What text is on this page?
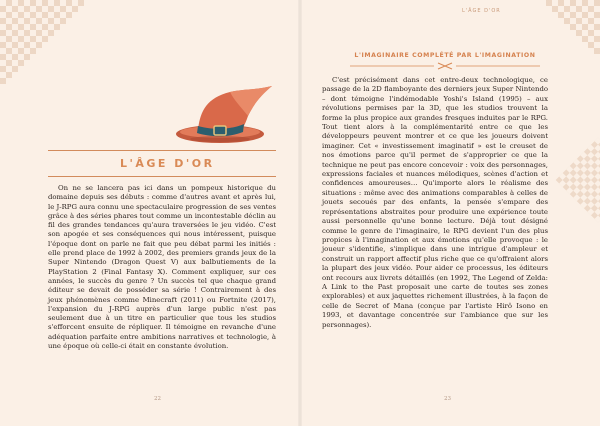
L'ÂGE D'OR

On ne se lancera pas ici dans un pompeux historique du domaine depuis ses débuts : comme d'autres avant et après lui, le J-RPG aura connu une spectaculaire progression de ses ventes grâce à des séries phares tout comme un incontestable déclin au fil des grandes tendances qu'aura traversées le jeu vidéo. C'est son apogée et ses conséquences qui nous intéressent, puisque l'époque dont on parle ne fait que peu débat parmi les initiés : elle prend place de 1992 à 2002, des premiers grands jeux de la Super Nintendo (Dragon Quest V) aux balbutiements de la PlayStation 2 (Final Fantasy X). Comment expliquer, sur ces années, le succès du genre ? Un succès tel que chaque grand éditeur se devait de posséder sa série ! Contrairement à des jeux phénomènes comme Minecraft (2011) ou Fortnite (2017), l'expansion du J-RPG auprès d'un large public n'est pas seulement due à un titre en particulier que tous les studios s'efforcent ensuite de répliquer. Il témoigne en revanche d'une adéquation parfaite entre ambitions narratives et technologie, à une époque où celle-ci était en constante évolution.

22
L'ÂGE D'OR
L'IMAGINAIRE COMPLÉTÉ PAR L'IMAGINATION

C'est précisément dans cet entre-deux technologique, ce passage de la 2D flamboyante des derniers jeux Super Nintendo – dont témoigne l'indémodable Yoshi's Island (1995) – aux révolutions permises par la 3D, que les studios trouvent la forme la plus propice aux grandes fresques induites par le RPG. Tout tient alors à la complémentarité entre ce que les développeurs peuvent montrer et ce que les joueurs doivent imaginer. Cet « investissement imaginatif » est le creuset de nos émotions parce qu'il permet de s'approprier ce que la technique ne peut pas encore concevoir : voix des personnages, expressions faciales et nuances mélodiques, scènes d'action et confidences amoureuses… Qu'importe alors le réalisme des situations : même avec des animations comparables à celles de jouets secoués par des enfants, la pensée s'empare des représentations abstraites pour produire une expérience toute aussi personnelle qu'une bonne lecture. Déjà tout désigné comme le genre de l'imaginaire, le RPG devient l'un des plus propices à l'imagination et aux émotions qu'elle provoque : le joueur s'identifie, s'implique dans une intrigue d'ampleur et construit un rapport affectif plus riche que ce qu'offraient alors la plupart des jeux vidéo. Pour aider ce processus, les éditeurs ont recours aux livrets détaillés (en 1992, The Legend of Zelda: A Link to the Past proposait une carte de toutes ses zones explorables) et aux jaquettes richement illustrées, à la façon de celle de Secret of Mana (conçue par l'artiste Hirô Isono en 1993, et davantage concentrée sur l'ambiance que sur les personnages).

23
